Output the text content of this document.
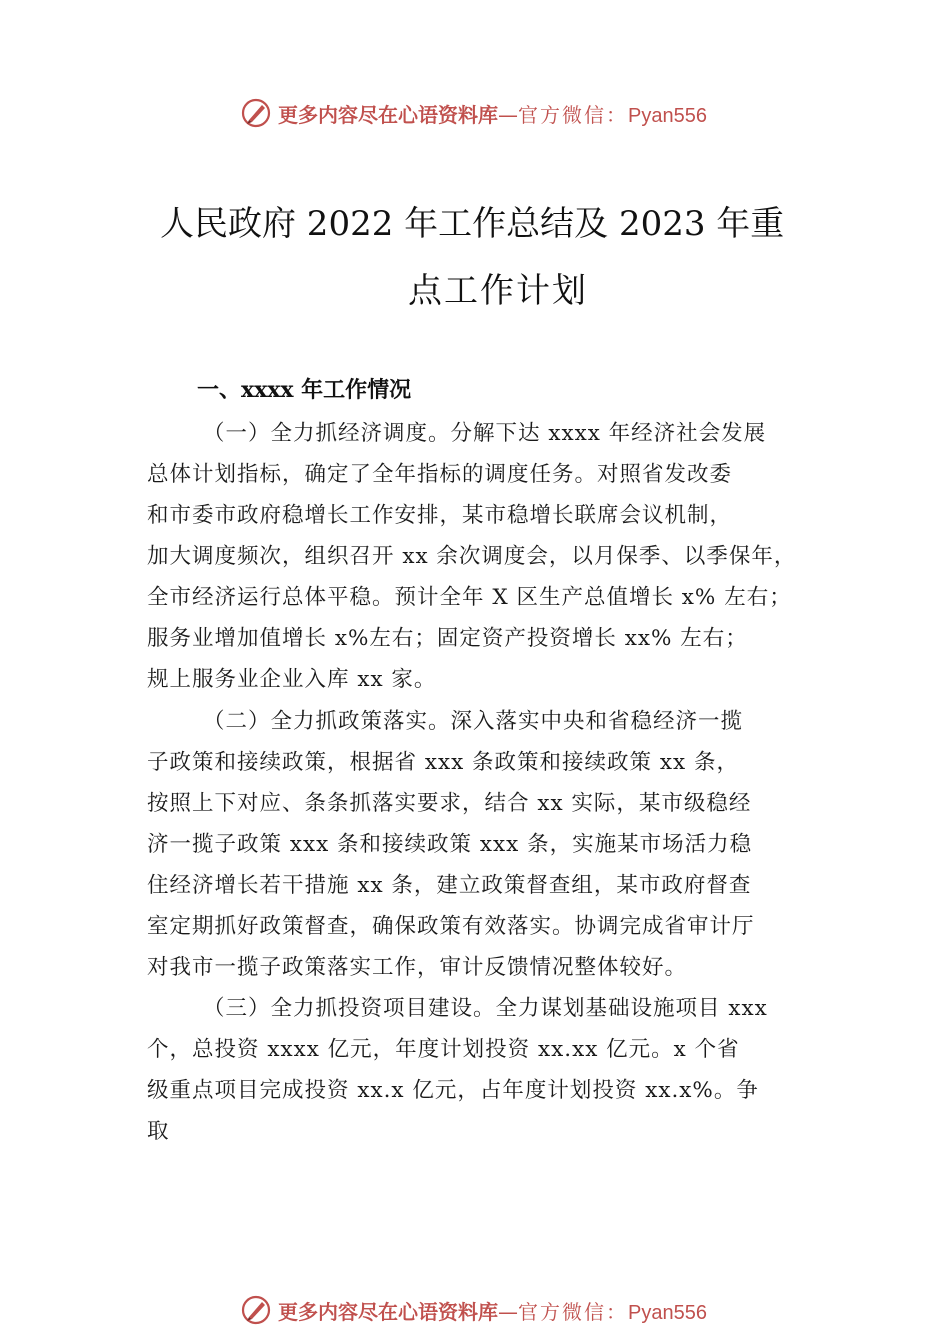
更多内容尽在心语资料库—官方微信：Pyan556
人民政府 2022 年工作总结及 2023 年重
点工作计划
一、xxxx 年工作情况
（一）全力抓经济调度。分解下达 xxxx 年经济社会发展
总体计划指标，确定了全年指标的调度任务。对照省发改委
和市委市政府稳增长工作安排，某市稳增长联席会议机制，
加大调度频次，组织召开 xx 余次调度会，以月保季、以季保年，
全市经济运行总体平稳。预计全年 X 区生产总值增长 x% 左右；
服务业增加值增长 x%左右；固定资产投资增长 xx% 左右；
规上服务业企业入库 xx 家。
（二）全力抓政策落实。深入落实中央和省稳经济一揽
子政策和接续政策，根据省 xxx 条政策和接续政策 xx 条，
按照上下对应、条条抓落实要求，结合 xx 实际，某市级稳经
济一揽子政策 xxx 条和接续政策 xxx 条，实施某市场活力稳
住经济增长若干措施 xx 条，建立政策督查组，某市政府督查
室定期抓好政策督查，确保政策有效落实。协调完成省审计厅
对我市一揽子政策落实工作，审计反馈情况整体较好。
（三）全力抓投资项目建设。全力谋划基础设施项目 xxx
个，总投资 xxxx 亿元，年度计划投资 xx.xx 亿元。x 个省
级重点项目完成投资 xx.x 亿元，占年度计划投资 xx.x%。争
取
更多内容尽在心语资料库—官方微信：Pyan556
